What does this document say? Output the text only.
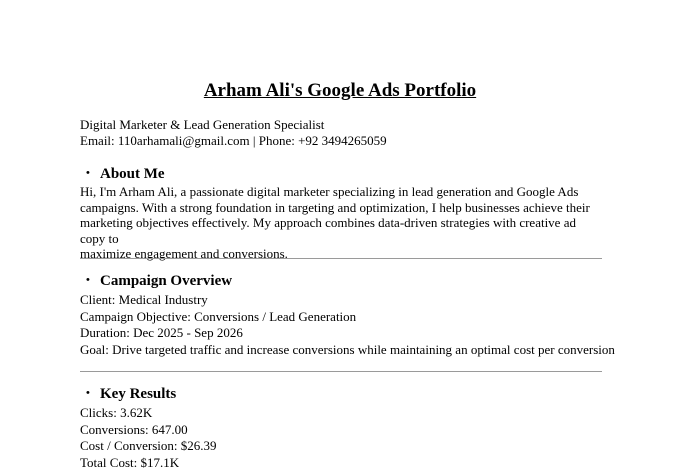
Arham Ali's Google Ads Portfolio
Digital Marketer & Lead Generation Specialist
Email: 110arhamali@gmail.com | Phone: +92 3494265059
• About Me
Hi, I'm Arham Ali, a passionate digital marketer specializing in lead generation and Google Ads
campaigns. With a strong foundation in targeting and optimization, I help businesses achieve their
marketing objectives effectively. My approach combines data-driven strategies with creative ad copy to
maximize engagement and conversions.
• Campaign Overview
Client: Medical Industry
Campaign Objective: Conversions / Lead Generation
Duration: Dec 2025 - Sep 2026
Goal: Drive targeted traffic and increase conversions while maintaining an optimal cost per conversion
• Key Results
Clicks: 3.62K
Conversions: 647.00
Cost / Conversion: $26.39
Total Cost: $17.1K
